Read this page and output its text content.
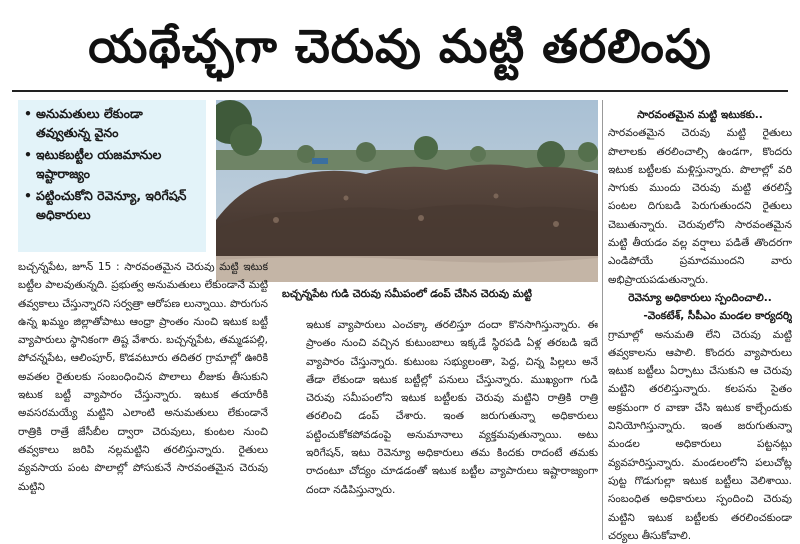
యథేచ్ఛగా చెరువు మట్టి తరలింపు
• అనుమతులు లేకుండా తవ్వుతున్న వైనం
• ఇటుకబట్టీల యజమానుల ఇష్టారాజ్యం
• పట్టించుకోని రెవెన్యూ, ఇరిగేషన్ అధికారులు
బచ్చన్నపేట గుడి చెరువు సమీపంలో డంప్ చేసిన చెరువు మట్టి

బచ్చన్నపేట, జూన్ 15 : సారవంతమైన చెరువు మట్టి ఇటుక బట్టీల పాలవుతున్నది. ప్రభుత్వ అనుమతులు లేకుండానే మట్టి తవ్వకాలు చేస్తున్నారని సర్వత్రా ఆరోపణ లున్నాయి. పొరుగున ఉన్న ఖమ్మం జిల్లాతోపాటు ఆంధ్రా ప్రాంతం నుంచి ఇటుక బట్టీ వ్యాపారులు స్థానికంగా తిష్ట వేశారు. బచ్చన్నపేట, తమ్మడపల్లి, పోచన్నపేట, ఆలింపూర్, కొడవటూరు తదితర గ్రామాల్లో ఊరికి అవతల రైతులకు సంబంధించిన పొలాలు లీజుకు తీసుకుని ఇటుక బట్టీ వ్యాపారం చేస్తున్నారు. ఇటుక తయారీకి అవసరమయ్యే మట్టిని ఎలాంటి అనుమతులు లేకుండానే రాత్రికి రాత్రే జేసీబీల ద్వారా చెరువులు, కుంటల నుంచి తవ్వకాలు జరిపి నల్లమట్టిని తరలిస్తున్నారు. రైతులు వ్యవసాయ పంట పొలాల్లో పోసుకునే సారవంతమైన చెరువు మట్టిని

ఇటుక వ్యాపారులు ఎంచక్కా తరలిస్తూ దందా కొనసాగిస్తున్నారు. ఈ ప్రాంతం నుంచి వచ్చిన కుటుంబాలు ఇక్కడే స్థిరపడి ఏళ్ల తరబడి ఇదే వ్యాపారం చేస్తున్నారు. కుటుంబ సభ్యులంతా, పెద్ద, చిన్న పిల్లలు అనే తేడా లేకుండా ఇటుక బట్టీల్లో పనులు చేస్తున్నారు. ముఖ్యంగా గుడి చెరువు సమీపంలోని ఇటుక బట్టీలకు చెరువు మట్టిని రాత్రికి రాత్రి తరలించి డంప్ చేశారు. ఇంత జరుగుతున్నా అధికారులు పట్టించుకోకపోవడంపై అనుమానాలు వ్యక్తమవుతున్నాయి. అటు ఇరిగేషన్, ఇటు రెవెన్యూ అధికారులు తమ కిందకు రాదంటే తమకు రాదంటూ చోద్యం చూడడంతో ఇటుక బట్టీల వ్యాపారులు ఇష్టారాజ్యంగా దందా నడిపిస్తున్నారు.

సారవంతమైన మట్టి ఇటుకకు..

సారవంతమైన చెరువు మట్టి రైతులు పొలాలకు తరలించాల్సి ఉండగా, కొందరు ఇటుక బట్టీలకు మళ్లిస్తున్నారు. పొలాల్లో వరి సాగుకు ముందు చెరువు మట్టి తరలిస్తే పంటల దిగుబడి పెరుగుతుందని రైతులు చెబుతున్నారు. చెరువులోని సారవంతమైన మట్టి తీయడం వల్ల వర్షాలు పడితే తొందరగా ఎండిపోయే ప్రమాదముందని వారు అభిప్రాయపడుతున్నారు.

రెవెన్యూ అధికారులు స్పందించాలి..

-వెంకటేశ్, సీపీఎం మండల కార్యదర్శి

గ్రామాల్లో అనుమతి లేని చెరువు మట్టి తవ్వకాలను ఆపాలి. కొందరు వ్యాపారులు ఇటుక బట్టీలు ఏర్పాటు చేసుకుని ఆ చెరువు మట్టిని తరలిస్తున్నారు. కలపను సైతం అక్రమంగా ర వాణా చేసి ఇటుక కాల్చేందుకు వినియోగిస్తున్నారు. ఇంత జరుగుతున్నా మండల అధికారులు పట్టనట్లు వ్యవహరిస్తున్నారు. మండలంలోని పలుచోట్ల పుట్ట గొడుగుల్లా ఇటుక బట్టీలు వెలిశాయి. సంబంధిత అధికారులు స్పందించి చెరువు మట్టిని ఇటుక బట్టీలకు తరలించకుండా చర్యలు తీసుకోవాలి.
